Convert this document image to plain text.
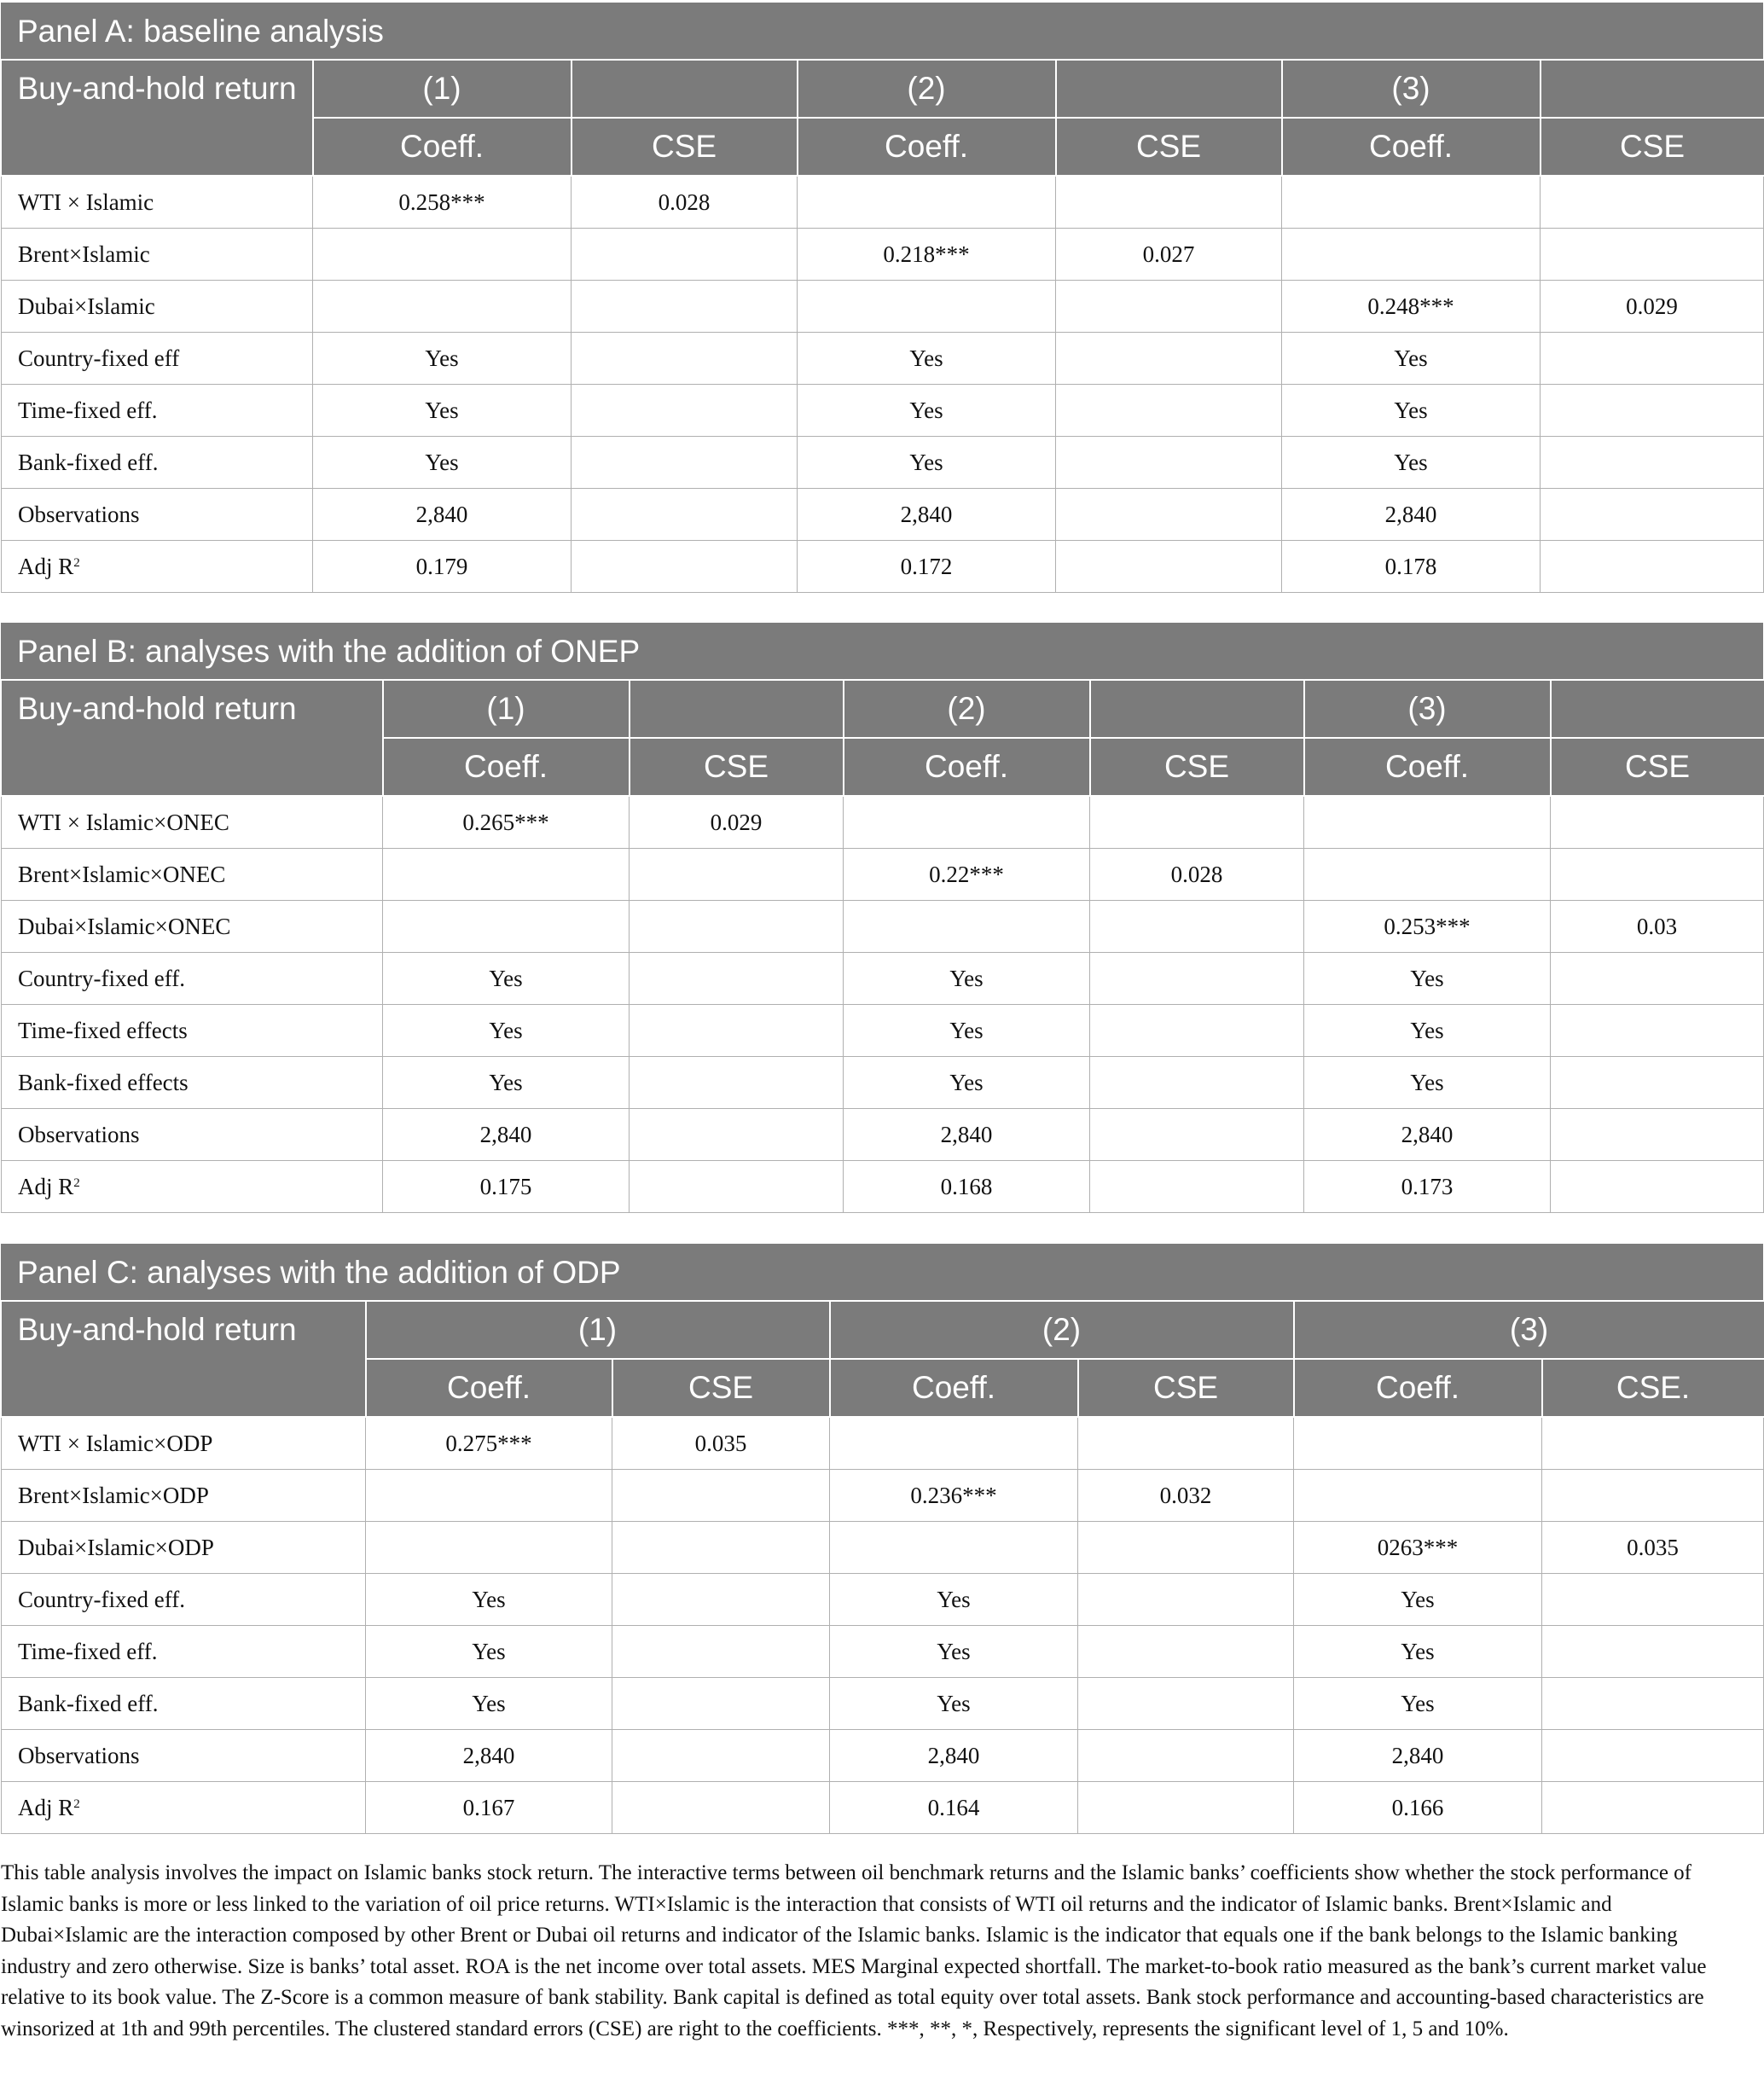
Panel A: baseline analysis
Buy-and-hold return	(1)		(2)		(3)	
	Coeff.	CSE	Coeff.	CSE	Coeff.	CSE
WTI × Islamic	0.258***	0.028				
Brent×Islamic			0.218***	0.027		
Dubai×Islamic					0.248***	0.029
Country-fixed eff	Yes		Yes		Yes	
Time-fixed eff.	Yes		Yes		Yes	
Bank-fixed eff.	Yes		Yes		Yes	
Observations	2,840		2,840		2,840	
Adj $R^2$	0.179		0.172		0.178	
Panel B: analyses with the addition of ONEP
Buy-and-hold return	(1)		(2)		(3)	
	Coeff.	CSE	Coeff.	CSE	Coeff.	CSE
WTI × Islamic×ONEC	0.265***	0.029				
Brent×Islamic×ONEC			0.22***	0.028		
Dubai×Islamic×ONEC					0.253***	0.03
Country-fixed eff.	Yes		Yes		Yes	
Time-fixed effects	Yes		Yes		Yes	
Bank-fixed effects	Yes		Yes		Yes	
Observations	2,840		2,840		2,840	
Adj $R^2$	0.175		0.168		0.173	
Panel C: analyses with the addition of ODP
Buy-and-hold return	(1)		(2)		(3)	
	Coeff.	CSE	Coeff.	CSE	Coeff.	CSE.
WTI × Islamic×ODP	0.275***	0.035				
Brent×Islamic×ODP			0.236***	0.032		
Dubai×Islamic×ODP					0263***	0.035
Country-fixed eff.	Yes		Yes		Yes	
Time-fixed eff.	Yes		Yes		Yes	
Bank-fixed eff.	Yes		Yes		Yes	
Observations	2,840		2,840		2,840	
Adj $R^2$	0.167		0.164		0.166	

This table analysis involves the impact on Islamic banks stock return. The interactive terms between oil benchmark returns and the Islamic banks’ coefficients show whether the stock performance of Islamic banks is more or less linked to the variation of oil price returns. WTI×Islamic is the interaction that consists of WTI oil returns and the indicator of Islamic banks. Brent×Islamic and Dubai×Islamic are the interaction composed by other Brent or Dubai oil returns and indicator of the Islamic banks. Islamic is the indicator that equals one if the bank belongs to the Islamic banking industry and zero otherwise. Size is banks’ total asset. ROA is the net income over total assets. MES Marginal expected shortfall. The market-to-book ratio measured as the bank’s current market value relative to its book value. The Z-Score is a common measure of bank stability. Bank capital is defined as total equity over total assets. Bank stock performance and accounting-based characteristics are winsorized at 1th and 99th percentiles. The clustered standard errors (CSE) are right to the coefficients. ***, **, *, Respectively, represents the significant level of 1, 5 and 10%.
